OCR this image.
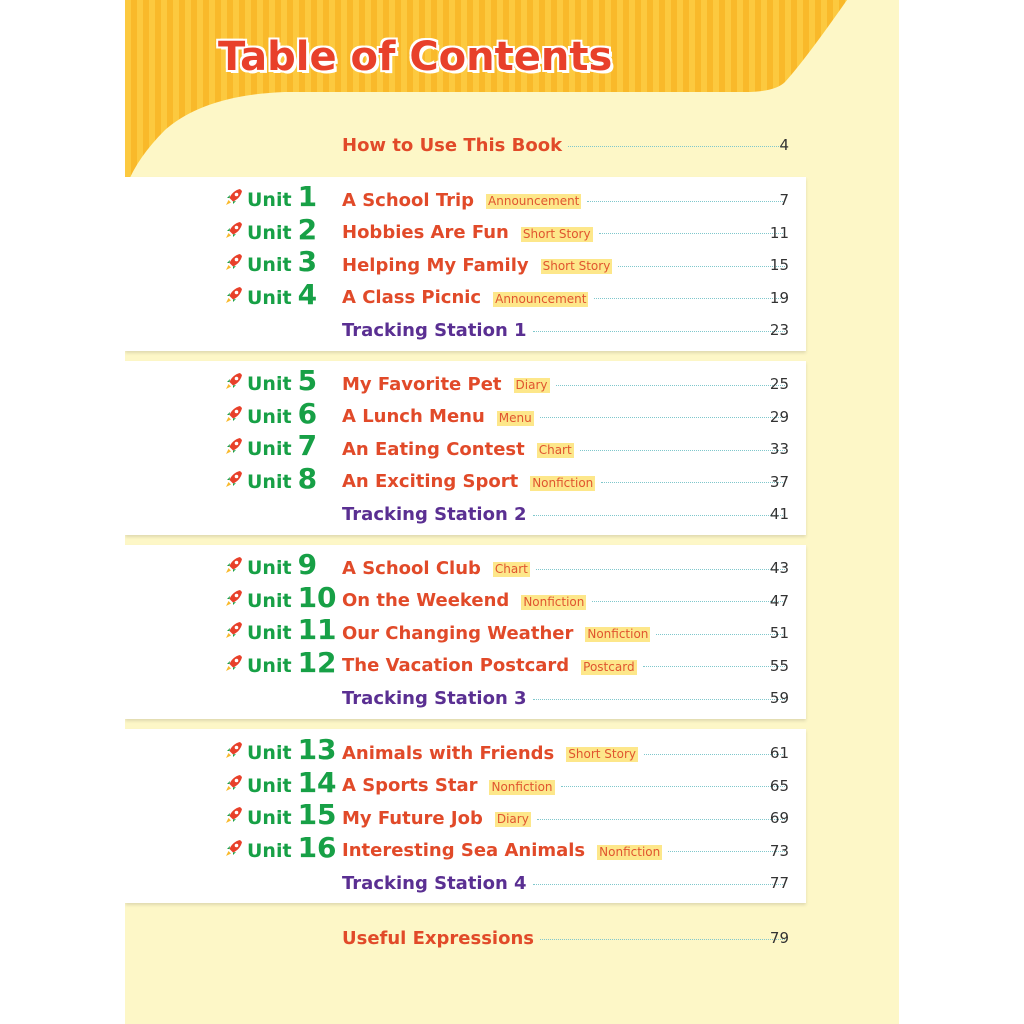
Table of Contents
How to Use This Book	4
Unit 1 A School Trip Announcement	7
Unit 2 Hobbies Are Fun Short Story	11
Unit 3 Helping My Family Short Story	15
Unit 4 A Class Picnic Announcement	19
Tracking Station 1	23
Unit 5 My Favorite Pet Diary	25
Unit 6 A Lunch Menu Menu	29
Unit 7 An Eating Contest Chart	33
Unit 8 An Exciting Sport Nonfiction	37
Tracking Station 2	41
Unit 9 A School Club Chart	43
Unit 10 On the Weekend Nonfiction	47
Unit 11 Our Changing Weather Nonfiction	51
Unit 12 The Vacation Postcard Postcard	55
Tracking Station 3	59
Unit 13 Animals with Friends Short Story	61
Unit 14 A Sports Star Nonfiction	65
Unit 15 My Future Job Diary	69
Unit 16 Interesting Sea Animals Nonfiction	73
Tracking Station 4	77
Useful Expressions	79
